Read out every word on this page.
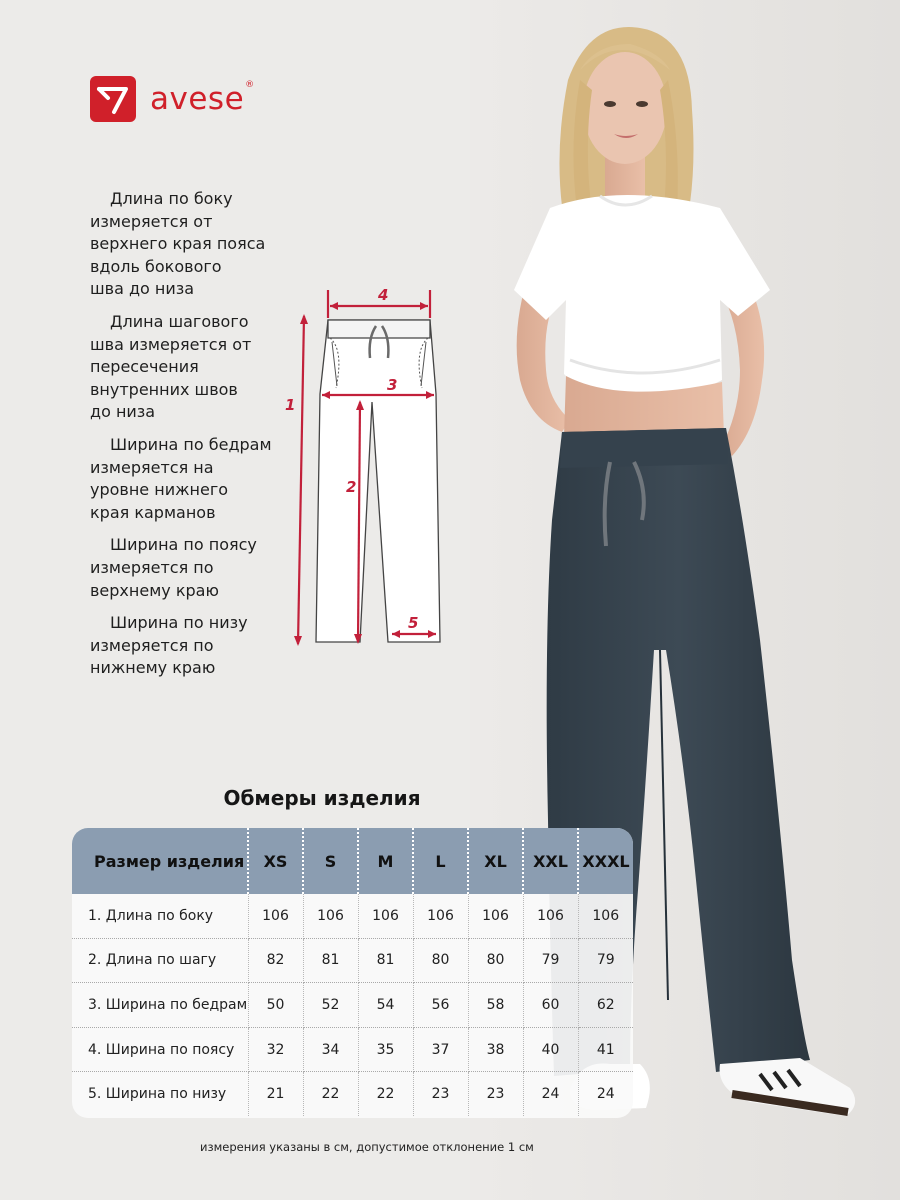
avese ®
Длина по боку
измеряется от
верхнего края пояса
вдоль бокового
шва до низа
Длина шагового
шва измеряется от
пересечения
внутренних швов
до низа
Ширина по бедрам
измеряется на
уровне нижнего
края карманов
Ширина по поясу
измеряется по
верхнему краю
Ширина по низу
измеряется по
нижнему краю
1
2
3
4
5
Обмеры изделия
Размер изделия	XS	S	M	L	XL	XXL	XXXL
1. Длина по боку	106	106	106	106	106	106	106
2. Длина по шагу	82	81	81	80	80	79	79
3. Ширина по бедрам	50	52	54	56	58	60	62
4. Ширина по поясу	32	34	35	37	38	40	41
5. Ширина по низу	21	22	22	23	23	24	24
измерения указаны в см, допустимое отклонение 1 см
